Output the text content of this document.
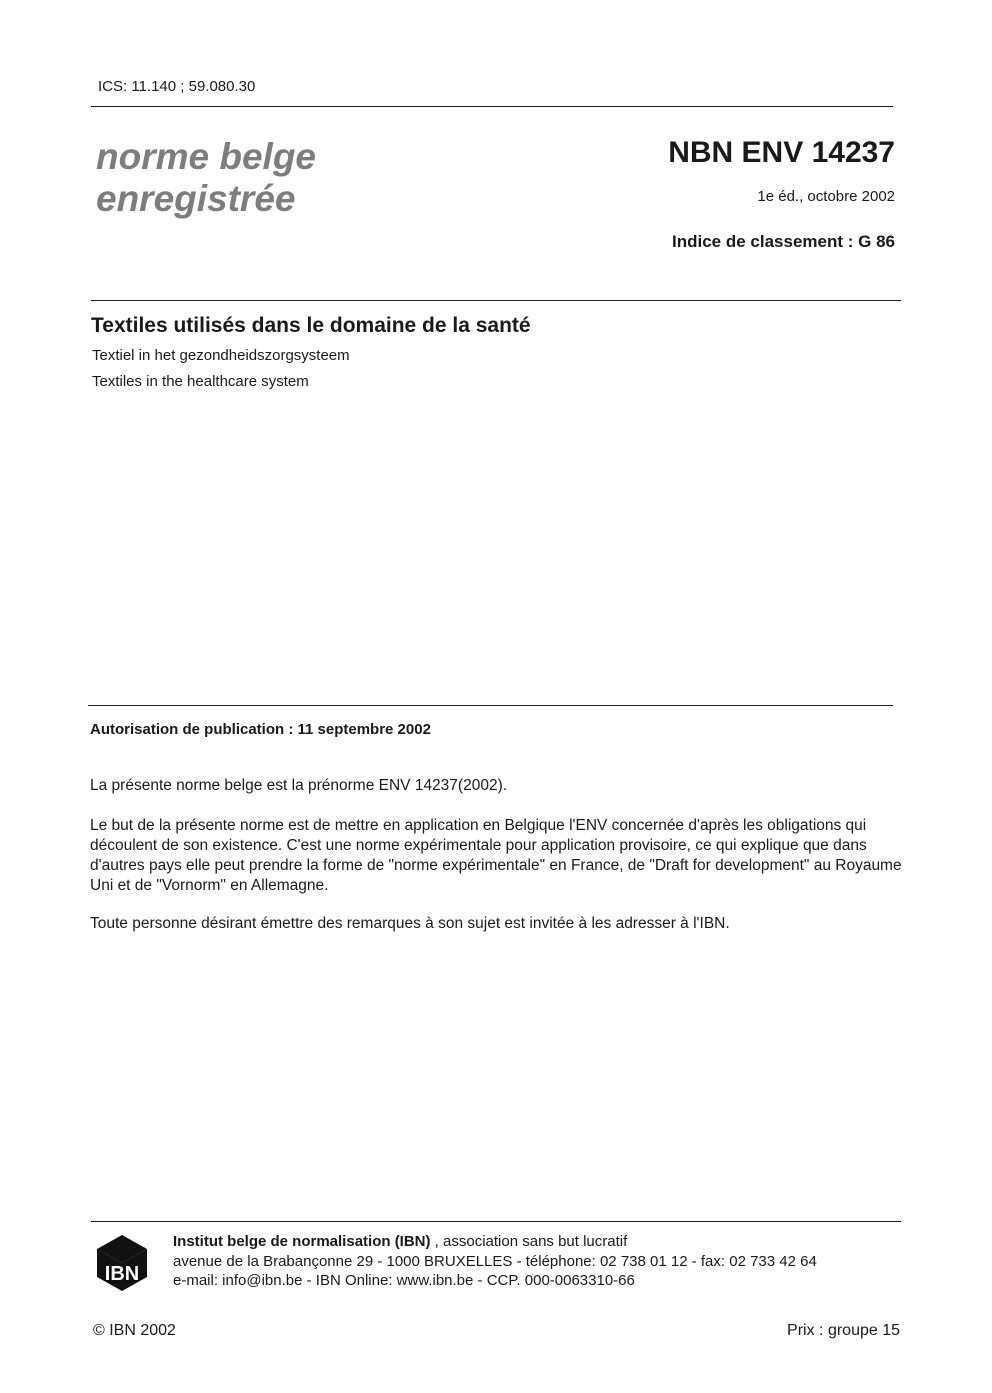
ICS: 11.140 ; 59.080.30
norme belge
enregistrée
NBN ENV 14237
1e éd., octobre 2002
Indice de classement : G 86
Textiles utilisés dans le domaine de la santé
Textiel in het gezondheidszorgsysteem
Textiles in the healthcare system
Autorisation de publication : 11 septembre 2002
La présente norme belge est la prénorme ENV 14237(2002).
Le but de la présente norme est de mettre en application en Belgique l'ENV concernée d'après les obligations qui découlent de son existence. C'est une norme expérimentale pour application provisoire, ce qui explique que dans d'autres pays elle peut prendre la forme de "norme expérimentale" en France, de "Draft for development" au Royaume Uni et de "Vornorm" en Allemagne.
Toute personne désirant émettre des remarques à son sujet est invitée à les adresser à l'IBN.
IBN
Institut belge de normalisation (IBN) , association sans but lucratif
avenue de la Brabançonne 29 - 1000 BRUXELLES - téléphone: 02 738 01 12 - fax: 02 733 42 64
e-mail: info@ibn.be - IBN Online: www.ibn.be - CCP. 000-0063310-66
© IBN 2002	Prix : groupe 15
